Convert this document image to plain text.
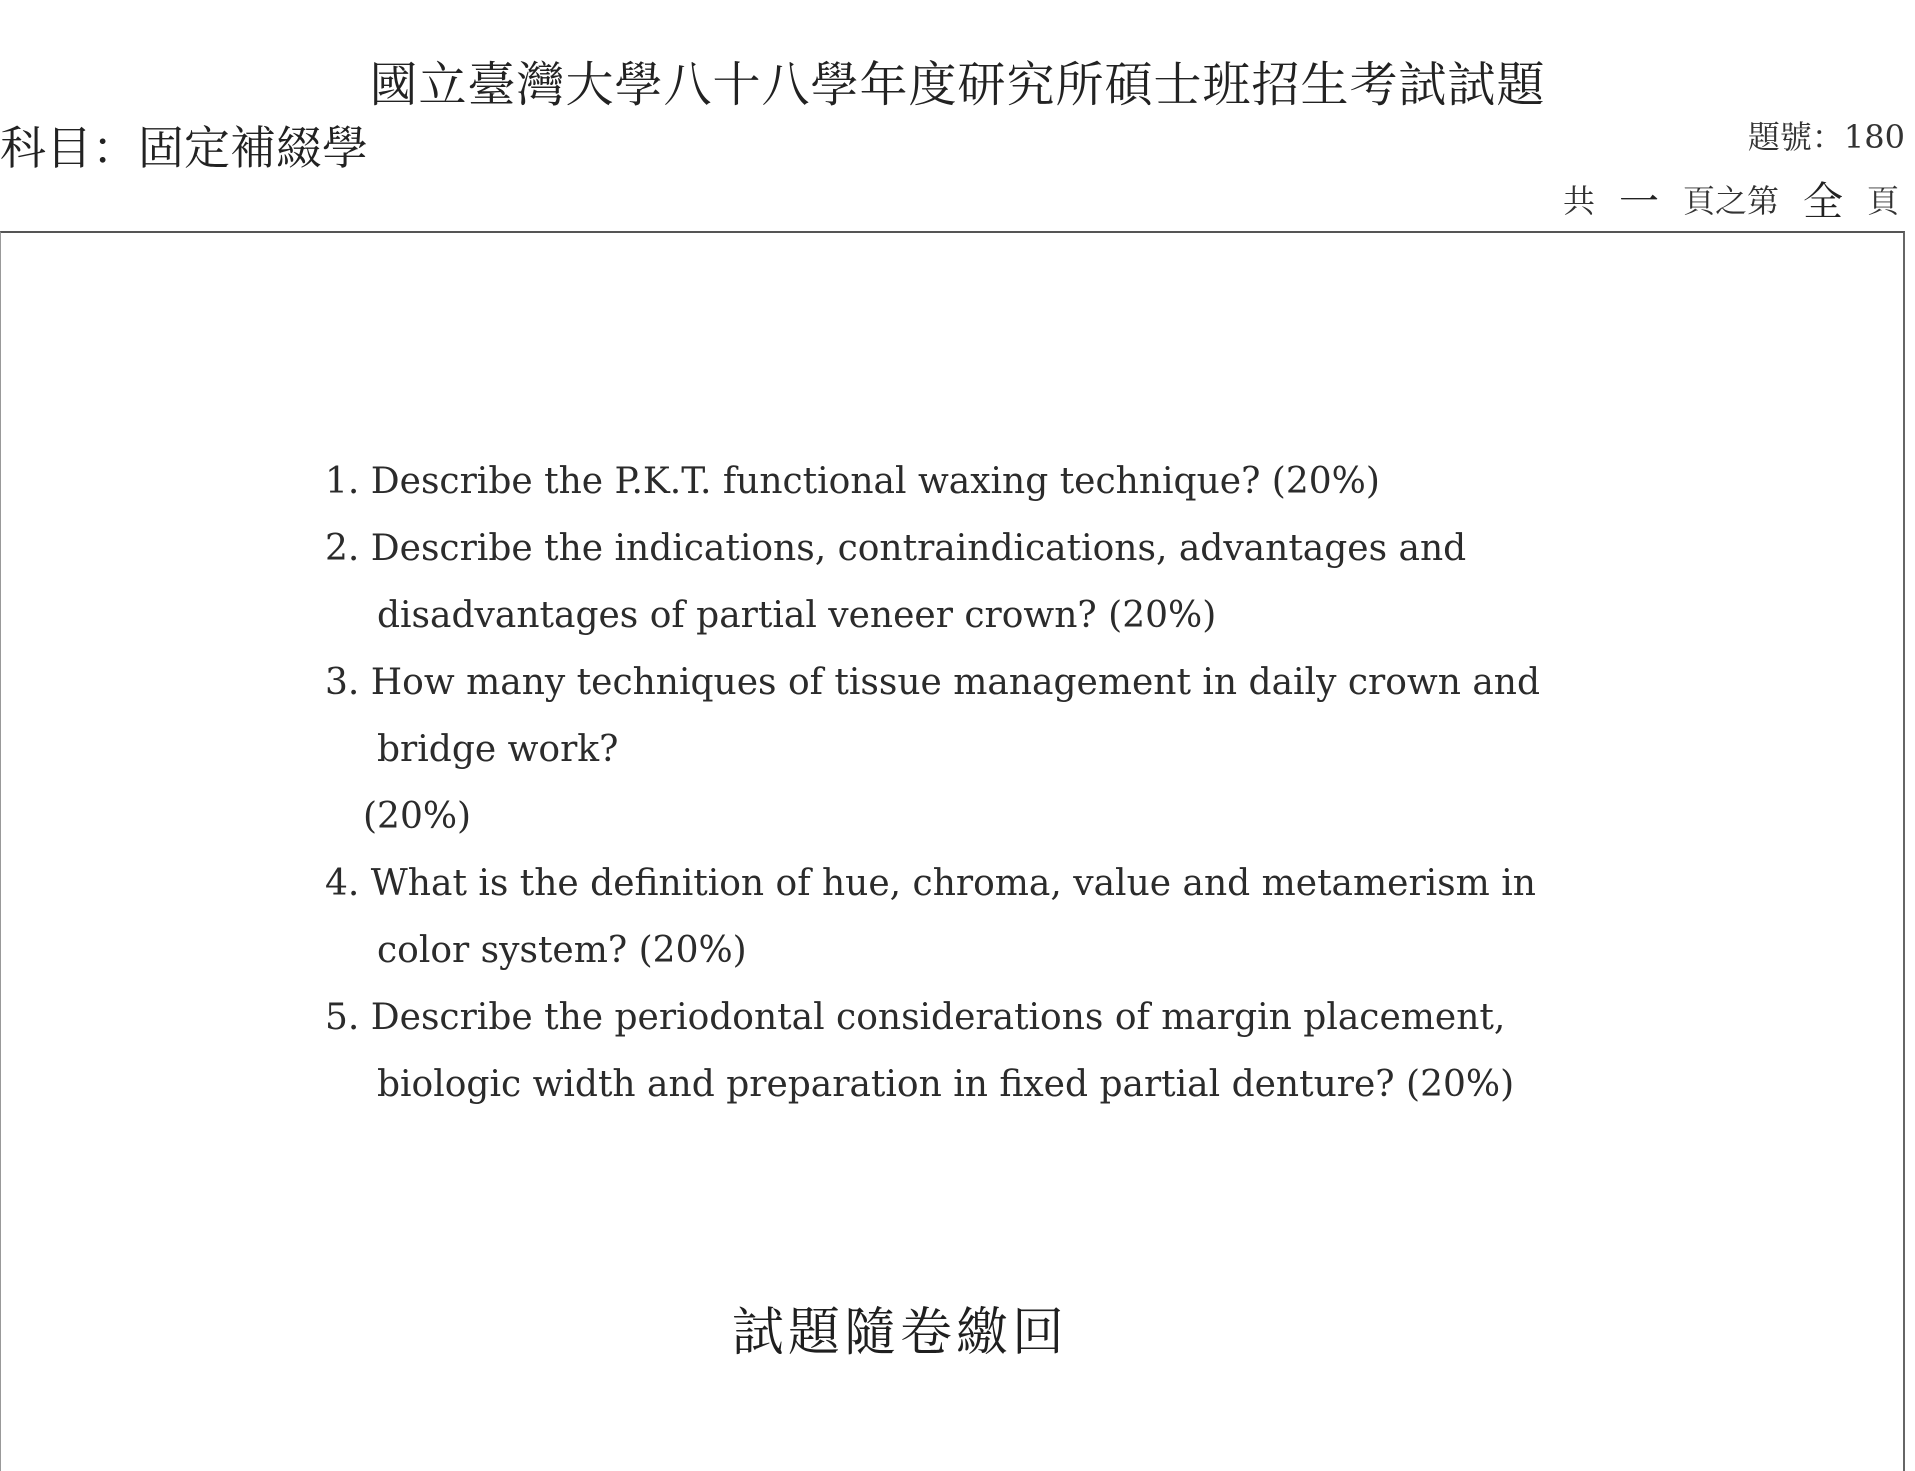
國立臺灣大學八十八學年度研究所碩士班招生考試試題
科目：固定補綴學	題號：180
共 一 頁之第 全 頁
1. Describe the P.K.T. functional waxing technique? (20%)
2. Describe the indications, contraindications, advantages and
disadvantages of partial veneer crown? (20%)
3. How many techniques of tissue management in daily crown and
bridge work?
(20%)
4. What is the definition of hue, chroma, value and metamerism in
color system? (20%)
5. Describe the periodontal considerations of margin placement,
biologic width and preparation in fixed partial denture? (20%)
試題隨卷繳回
